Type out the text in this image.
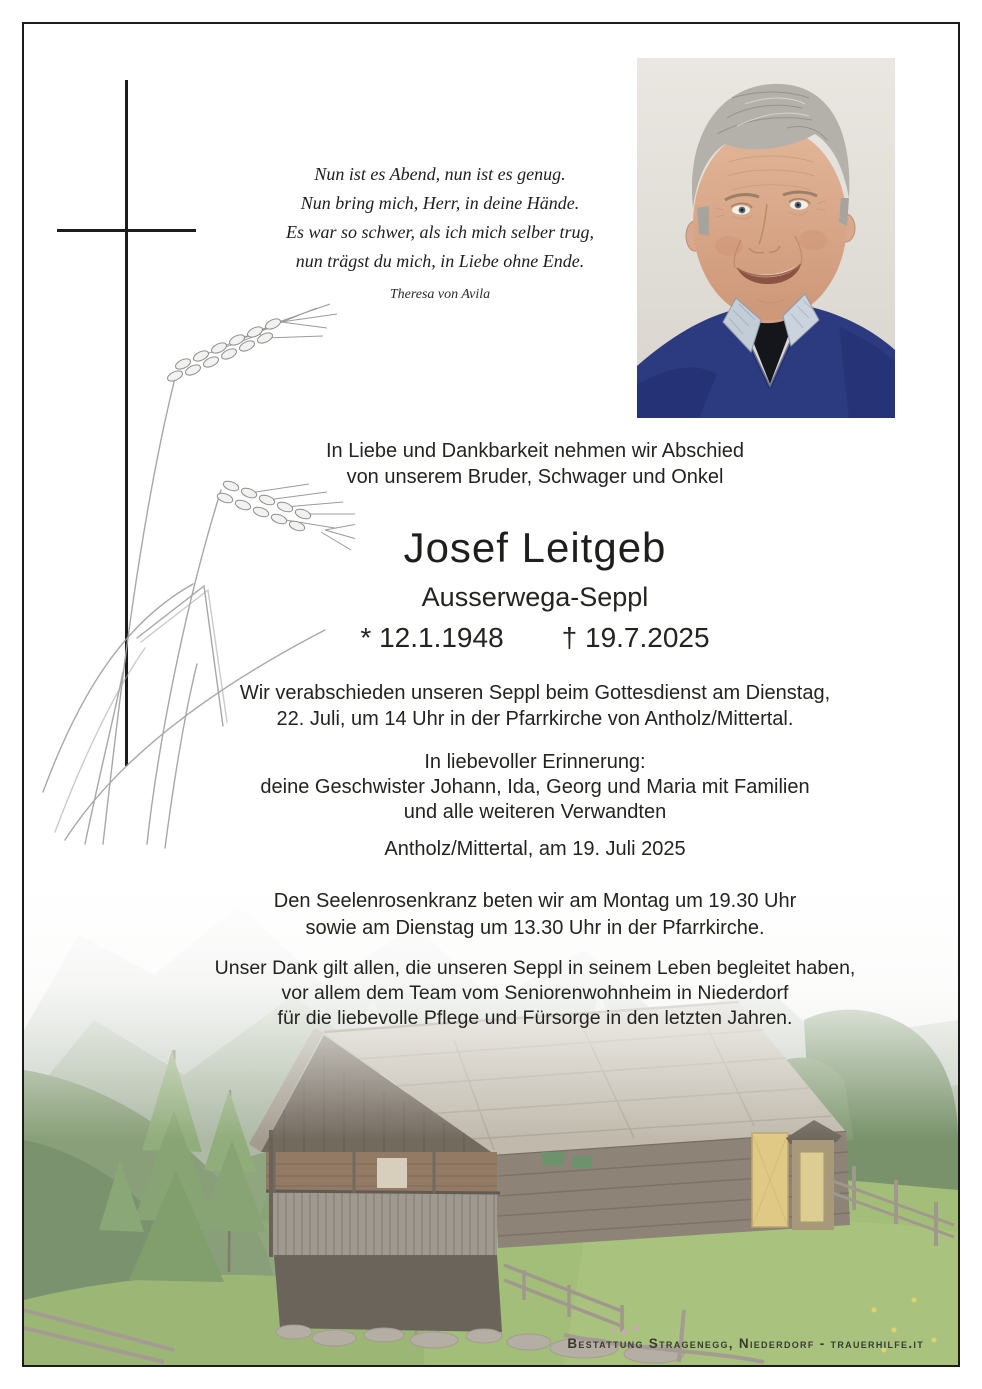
Nun ist es Abend, nun ist es genug.
Nun bring mich, Herr, in deine Hände.
Es war so schwer, als ich mich selber trug,
nun trägst du mich, in Liebe ohne Ende.
Theresa von Avila
In Liebe und Dankbarkeit nehmen wir Abschied
von unserem Bruder, Schwager und Onkel
Josef Leitgeb
Ausserwega-Seppl
* 12.1.1948 † 19.7.2025
Wir verabschieden unseren Seppl beim Gottesdienst am Dienstag,
22. Juli, um 14 Uhr in der Pfarrkirche von Antholz/Mittertal.
In liebevoller Erinnerung:
deine Geschwister Johann, Ida, Georg und Maria mit Familien
und alle weiteren Verwandten
Antholz/Mittertal, am 19. Juli 2025
Den Seelenrosenkranz beten wir am Montag um 19.30 Uhr
sowie am Dienstag um 13.30 Uhr in der Pfarrkirche.
Unser Dank gilt allen, die unseren Seppl in seinem Leben begleitet haben,
vor allem dem Team vom Seniorenwohnheim in Niederdorf
für die liebevolle Pflege und Fürsorge in den letzten Jahren.
Bestattung Stragenegg, Niederdorf - trauerhilfe.it
